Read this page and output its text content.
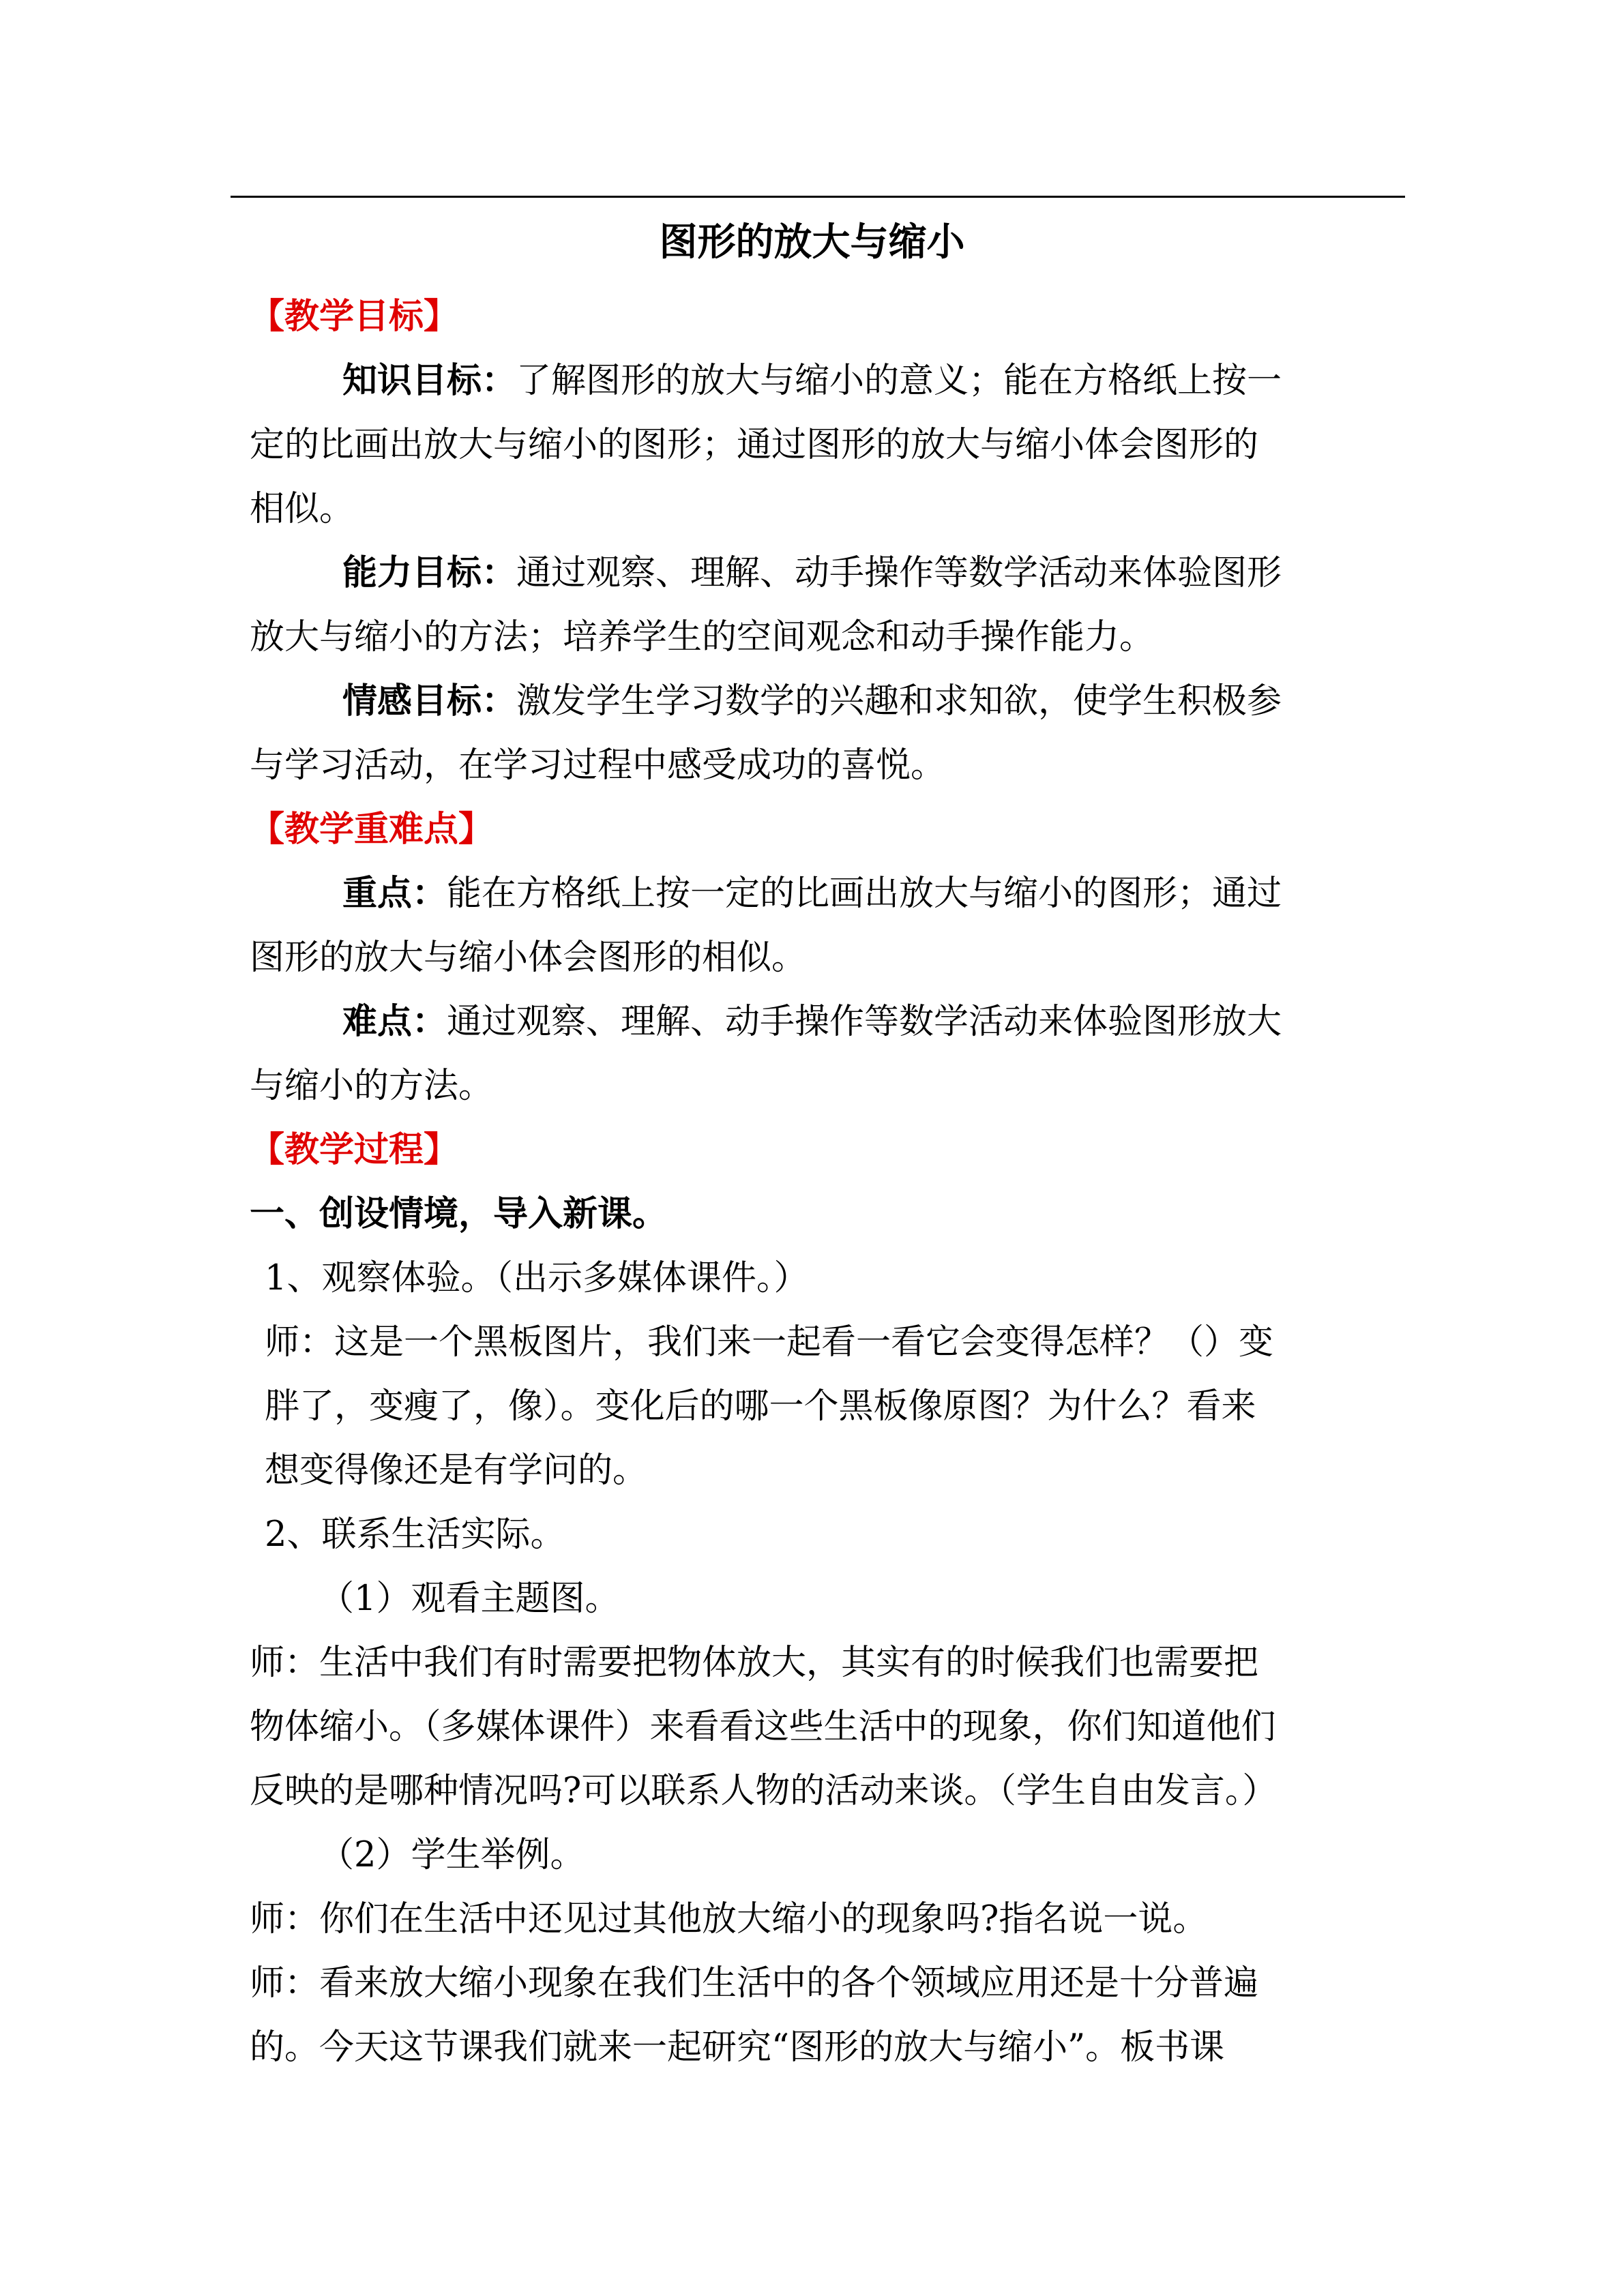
图形的放大与缩小
【教学目标】
知识目标：了解图形的放大与缩小的意义；能在方格纸上按一
定的比画出放大与缩小的图形；通过图形的放大与缩小体会图形的
相似。
能力目标：通过观察、理解、动手操作等数学活动来体验图形
放大与缩小的方法；培养学生的空间观念和动手操作能力。
情感目标：激发学生学习数学的兴趣和求知欲，使学生积极参
与学习活动，在学习过程中感受成功的喜悦。
【教学重难点】
重点：能在方格纸上按一定的比画出放大与缩小的图形；通过
图形的放大与缩小体会图形的相似。
难点：通过观察、理解、动手操作等数学活动来体验图形放大
与缩小的方法。
【教学过程】
一、创设情境，导入新课。
1、观察体验。（出示多媒体课件。）
师：这是一个黑板图片，我们来一起看一看它会变得怎样？（）变
胖了，变瘦了，像）。变化后的哪一个黑板像原图？为什么？看来
想变得像还是有学问的。
2、联系生活实际。
（1）观看主题图。
师：生活中我们有时需要把物体放大，其实有的时候我们也需要把
物体缩小。（多媒体课件）来看看这些生活中的现象，你们知道他们
反映的是哪种情况吗?可以联系人物的活动来谈。（学生自由发言。）
（2）学生举例。
师：你们在生活中还见过其他放大缩小的现象吗?指名说一说。
师：看来放大缩小现象在我们生活中的各个领域应用还是十分普遍
的。今天这节课我们就来一起研究“图形的放大与缩小”。板书课
